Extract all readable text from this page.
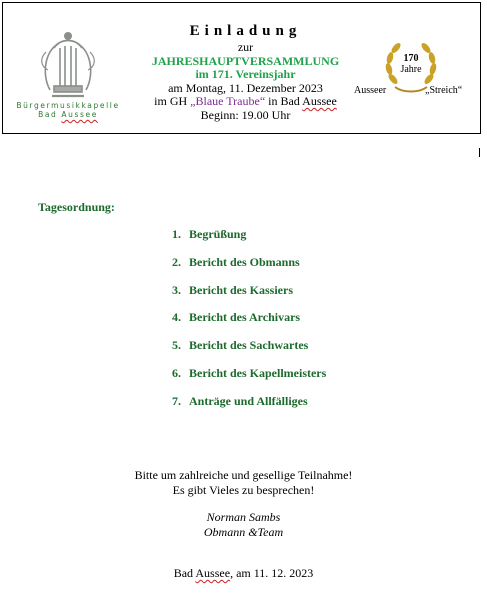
Bürgermusikkapelle
Bad Aussee
Einladung
zur
JAHRESHAUPTVERSAMMLUNG
im 171. Vereinsjahr
am Montag, 11. Dezember 2023
im GH „Blaue Traube“ in Bad Aussee
Beginn: 19.00 Uhr
170
Jahre
Ausseer	„Streich“
Tagesordnung:
1. Begrüßung
2. Bericht des Obmanns
3. Bericht des Kassiers
4. Bericht des Archivars
5. Bericht des Sachwartes
6. Bericht des Kapellmeisters
7. Anträge und Allfälliges
Bitte um zahlreiche und gesellige Teilnahme!
Es gibt Vieles zu besprechen!
Norman Sambs
Obmann &Team
Bad Aussee, am 11. 12. 2023
